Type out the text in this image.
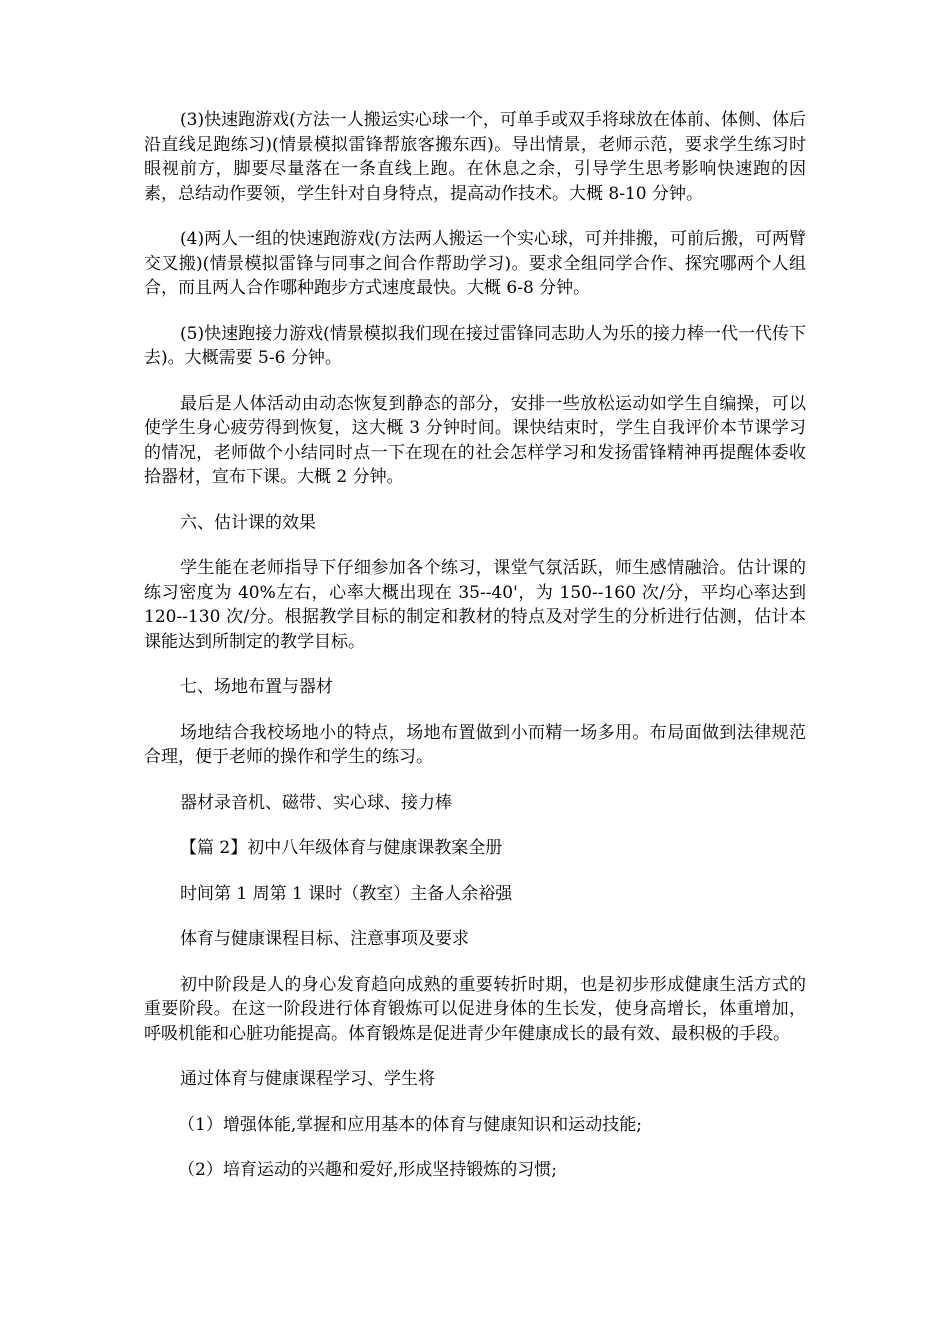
(3)快速跑游戏(方法一人搬运实心球一个，可单手或双手将球放在体前、体侧、体后沿直线足跑练习)(情景模拟雷锋帮旅客搬东西)。导出情景，老师示范，要求学生练习时眼视前方，脚要尽量落在一条直线上跑。在休息之余，引导学生思考影响快速跑的因素，总结动作要领，学生针对自身特点，提高动作技术。大概 8-10 分钟。

(4)两人一组的快速跑游戏(方法两人搬运一个实心球，可并排搬，可前后搬，可两臂交叉搬)(情景模拟雷锋与同事之间合作帮助学习)。要求全组同学合作、探究哪两个人组合，而且两人合作哪种跑步方式速度最快。大概 6-8 分钟。

(5)快速跑接力游戏(情景模拟我们现在接过雷锋同志助人为乐的接力棒一代一代传下去)。大概需要 5-6 分钟。

最后是人体活动由动态恢复到静态的部分，安排一些放松运动如学生自编操，可以使学生身心疲劳得到恢复，这大概 3 分钟时间。课快结束时，学生自我评价本节课学习的情况，老师做个小结同时点一下在现在的社会怎样学习和发扬雷锋精神再提醒体委收拾器材，宣布下课。大概 2 分钟。

六、估计课的效果

学生能在老师指导下仔细参加各个练习，课堂气氛活跃，师生感情融洽。估计课的练习密度为 40%左右，心率大概出现在 35--40'，为 150--160 次/分，平均心率达到 120--130 次/分。根据教学目标的制定和教材的特点及对学生的分析进行估测，估计本课能达到所制定的教学目标。

七、场地布置与器材

场地结合我校场地小的特点，场地布置做到小而精一场多用。布局面做到法律规范合理，便于老师的操作和学生的练习。

器材录音机、磁带、实心球、接力棒

【篇 2】初中八年级体育与健康课教案全册

时间第 1 周第 1 课时（教室）主备人余裕强

体育与健康课程目标、注意事项及要求

初中阶段是人的身心发育趋向成熟的重要转折时期，也是初步形成健康生活方式的重要阶段。在这一阶段进行体育锻炼可以促进身体的生长发，使身高增长，体重增加，呼吸机能和心脏功能提高。体育锻炼是促进青少年健康成长的最有效、最积极的手段。

通过体育与健康课程学习、学生将

（1）增强体能,掌握和应用基本的体育与健康知识和运动技能;

（2）培育运动的兴趣和爱好,形成坚持锻炼的习惯;
